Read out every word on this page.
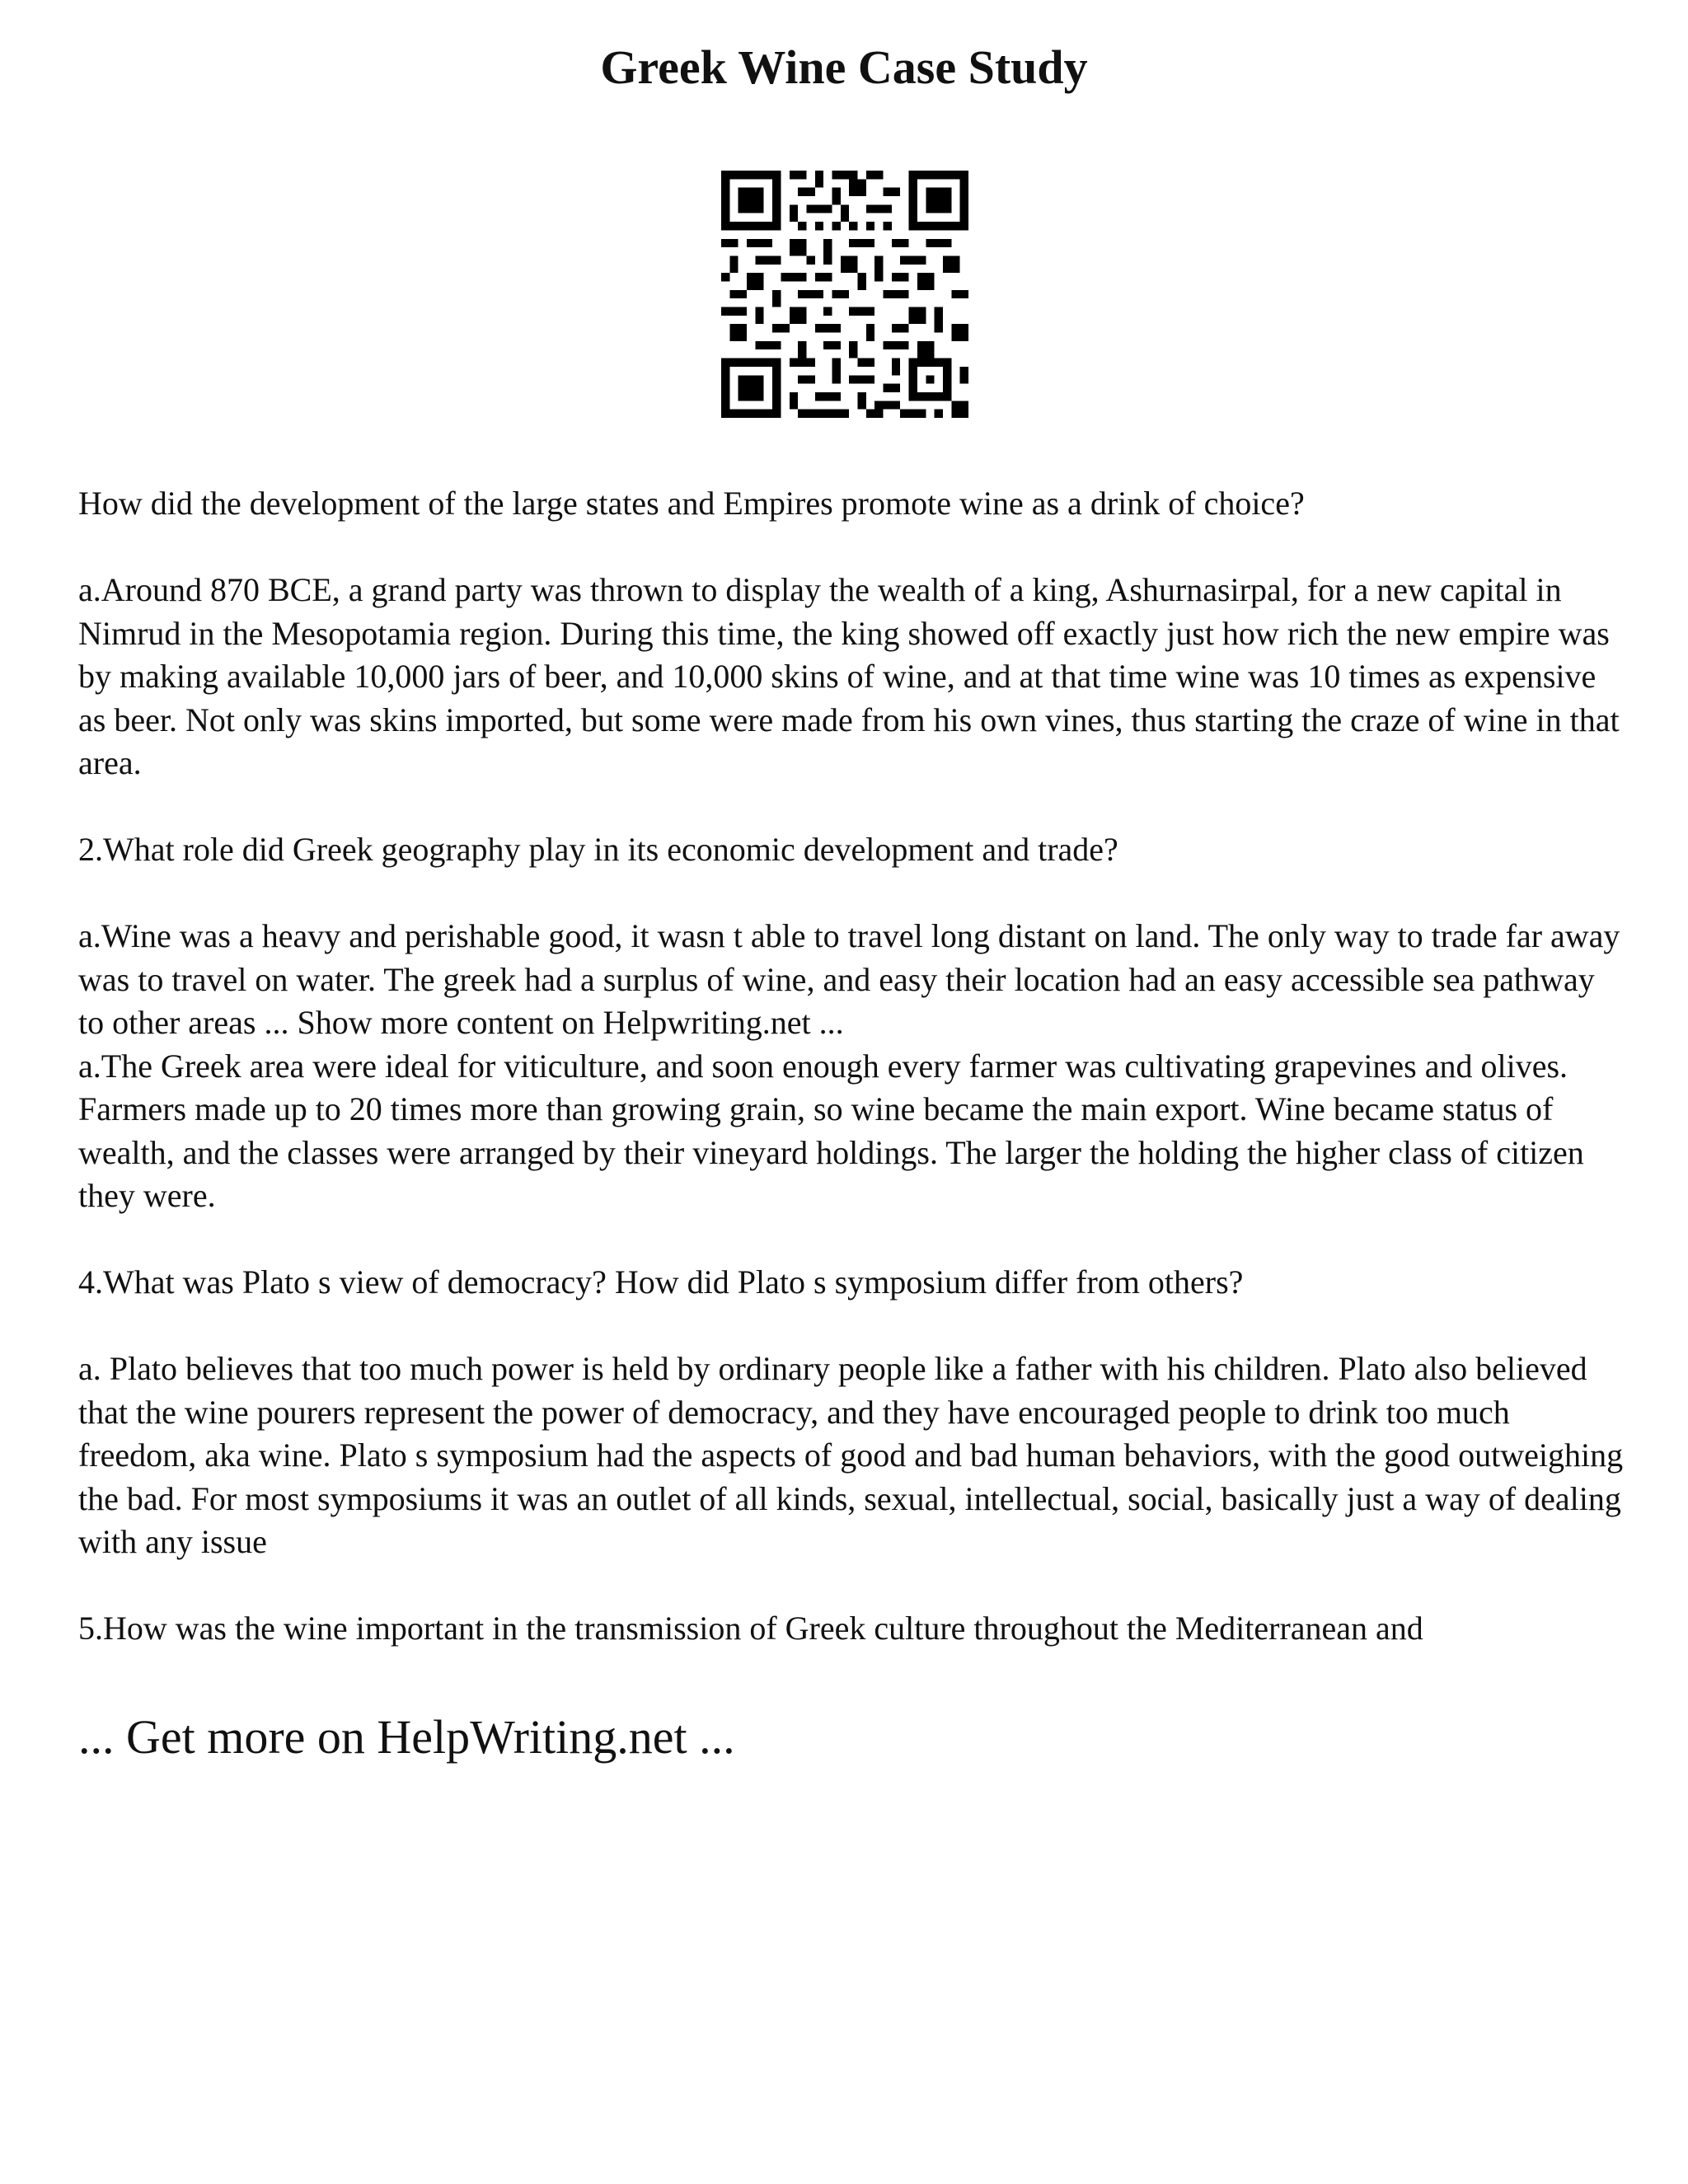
Greek Wine Case Study

How did the development of the large states and Empires promote wine as a drink of choice?

a.Around 870 BCE, a grand party was thrown to display the wealth of a king, Ashurnasirpal, for a new capital in Nimrud in the Mesopotamia region. During this time, the king showed off exactly just how rich the new empire was by making available 10,000 jars of beer, and 10,000 skins of wine, and at that time wine was 10 times as expensive as beer. Not only was skins imported, but some were made from his own vines, thus starting the craze of wine in that area.

2.What role did Greek geography play in its economic development and trade?

a.Wine was a heavy and perishable good, it wasn t able to travel long distant on land. The only way to trade far away was to travel on water. The greek had a surplus of wine, and easy their location had an easy accessible sea pathway to other areas ... Show more content on Helpwriting.net ...

a.The Greek area were ideal for viticulture, and soon enough every farmer was cultivating grapevines and olives. Farmers made up to 20 times more than growing grain, so wine became the main export. Wine became status of wealth, and the classes were arranged by their vineyard holdings. The larger the holding the higher class of citizen they were.

4.What was Plato s view of democracy? How did Plato s symposium differ from others?

a. Plato believes that too much power is held by ordinary people like a father with his children. Plato also believed that the wine pourers represent the power of democracy, and they have encouraged people to drink too much freedom, aka wine. Plato s symposium had the aspects of good and bad human behaviors, with the good outweighing the bad. For most symposiums it was an outlet of all kinds, sexual, intellectual, social, basically just a way of dealing with any issue

5.How was the wine important in the transmission of Greek culture throughout the Mediterranean and

... Get more on HelpWriting.net ...
